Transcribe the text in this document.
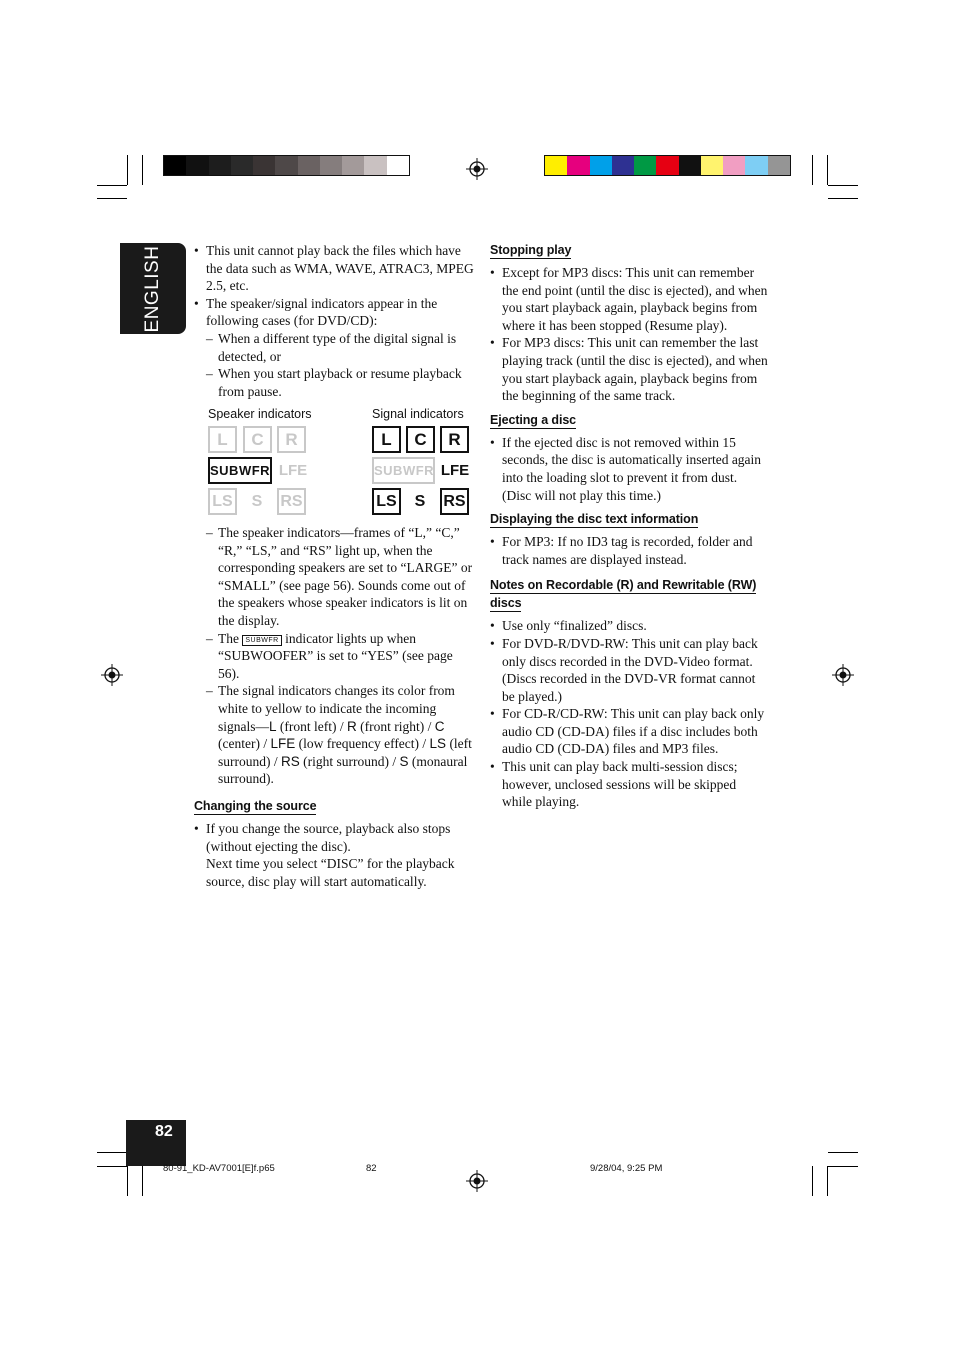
ENGLISH
82
• This unit cannot play back the files which have the data such as WMA, WAVE, ATRAC3, MPEG 2.5, etc.
• The speaker/signal indicators appear in the following cases (for DVD/CD):
– When a different type of the digital signal is detected, or
– When you start playback or resume playback from pause.
Speaker indicators	Signal indicators
L	C	R
SUBWFR LFE
LS	S	RS
L	C	R
SUBWFR LFE
LS	S	RS
– The speaker indicators—frames of “L,” “C,” “R,” “LS,” and “RS” light up, when the corresponding speakers are set to “LARGE” or “SMALL” (see page 56). Sounds come out of the speakers whose speaker indicators is lit on the display.
– The SUBWFR indicator lights up when “SUBWOOFER” is set to “YES” (see page 56).
– The signal indicators changes its color from white to yellow to indicate the incoming signals—L (front left) / R (front right) / C (center) / LFE (low frequency effect) / LS (left surround) / RS (right surround) / S (monaural surround).
Changing the source
• If you change the source, playback also stops (without ejecting the disc).
Next time you select “DISC” for the playback source, disc play will start automatically.
Stopping play
• Except for MP3 discs: This unit can remember the end point (until the disc is ejected), and when you start playback again, playback begins from where it has been stopped (Resume play).
• For MP3 discs: This unit can remember the last playing track (until the disc is ejected), and when you start playback again, playback begins from the beginning of the same track.
Ejecting a disc
• If the ejected disc is not removed within 15 seconds, the disc is automatically inserted again into the loading slot to prevent it from dust. (Disc will not play this time.)
Displaying the disc text information
• For MP3: If no ID3 tag is recorded, folder and track names are displayed instead.
Notes on Recordable (R) and Rewritable (RW)
discs
• Use only “finalized” discs.
• For DVD-R/DVD-RW: This unit can play back only discs recorded in the DVD-Video format. (Discs recorded in the DVD-VR format cannot be played.)
• For CD-R/CD-RW: This unit can play back only audio CD (CD-DA) files if a disc includes both audio CD (CD-DA) files and MP3 files.
• This unit can play back multi-session discs; however, unclosed sessions will be skipped while playing.
80-91_KD-AV7001[E]f.p65	82	9/28/04, 9:25 PM
